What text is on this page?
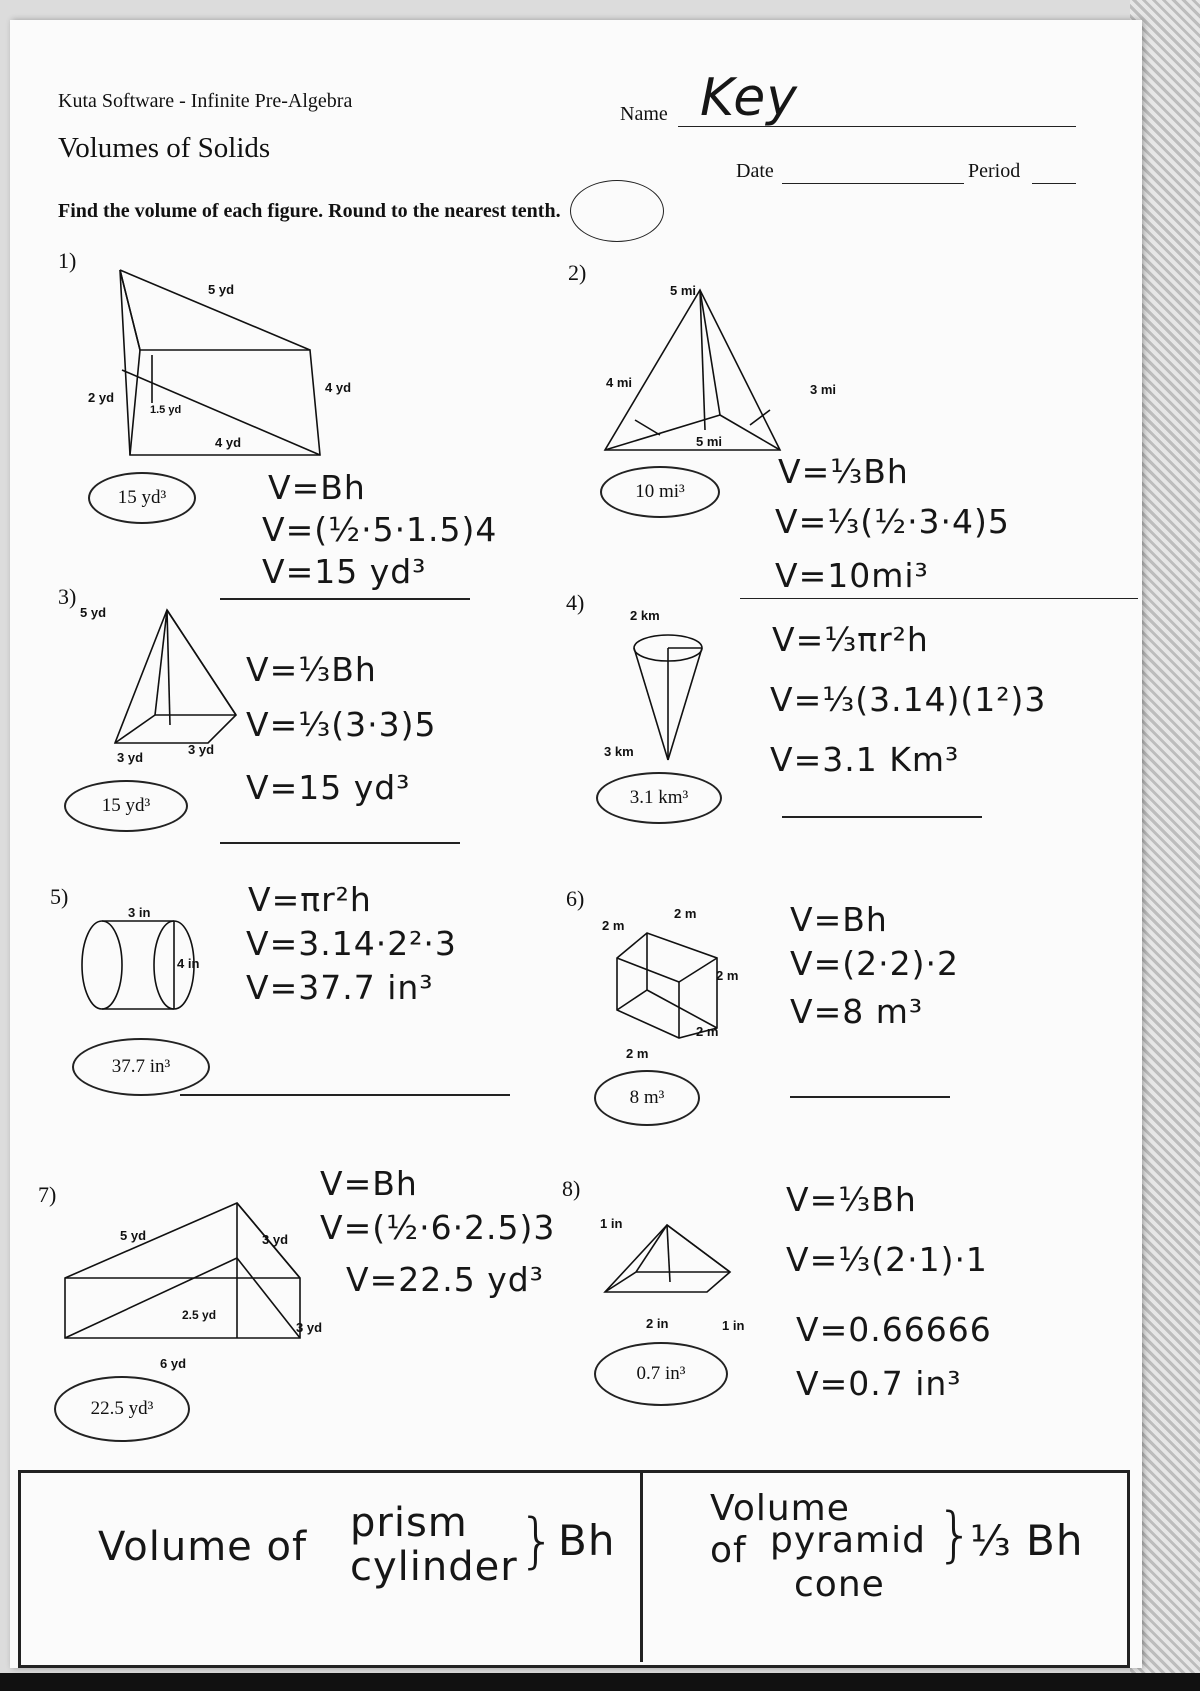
Kuta Software - Infinite Pre-Algebra
Volumes of Solids
Name Key
Date	Period
Find the volume of each figure. Round to the nearest tenth.
1)
5 yd
2 yd
1.5 yd
4 yd
4 yd
15 yd³	V=Bh
V=(½·5·1.5)4
V=15 yd³
2)
5 mi
4 mi	3 mi
5 mi
10 mi³
V=⅓Bh
V=⅓(½·3·4)5
V=10mi³
3)
5 yd
3 yd
3 yd
15 yd³
V=⅓Bh
V=⅓(3·3)5
V=15 yd³
4)
2 km
3 km
3.1 km³
V=⅓πr²h
V=⅓(3.14)(1²)3
V=3.1 Km³
5)
3 in
4 in
37.7 in³
V=πr²h
V=3.14·2²·3
V=37.7 in³
6)
2 m
2 m
2 m
2 m
2 m
8 m³
V=Bh
V=(2·2)·2
V=8 m³
7)
5 yd	3 yd
2.5 yd
3 yd
6 yd
22.5 yd³
V=Bh
V=(½·6·2.5)3
V=22.5 yd³
8)
1 in
2 in	1 in
0.7 in³
V=⅓Bh
V=⅓(2·1)·1
V=0.66666
V=0.7 in³
Volume of
prism
cylinder } Bh
Volume
of pyramid
cone
}
⅓ Bh
